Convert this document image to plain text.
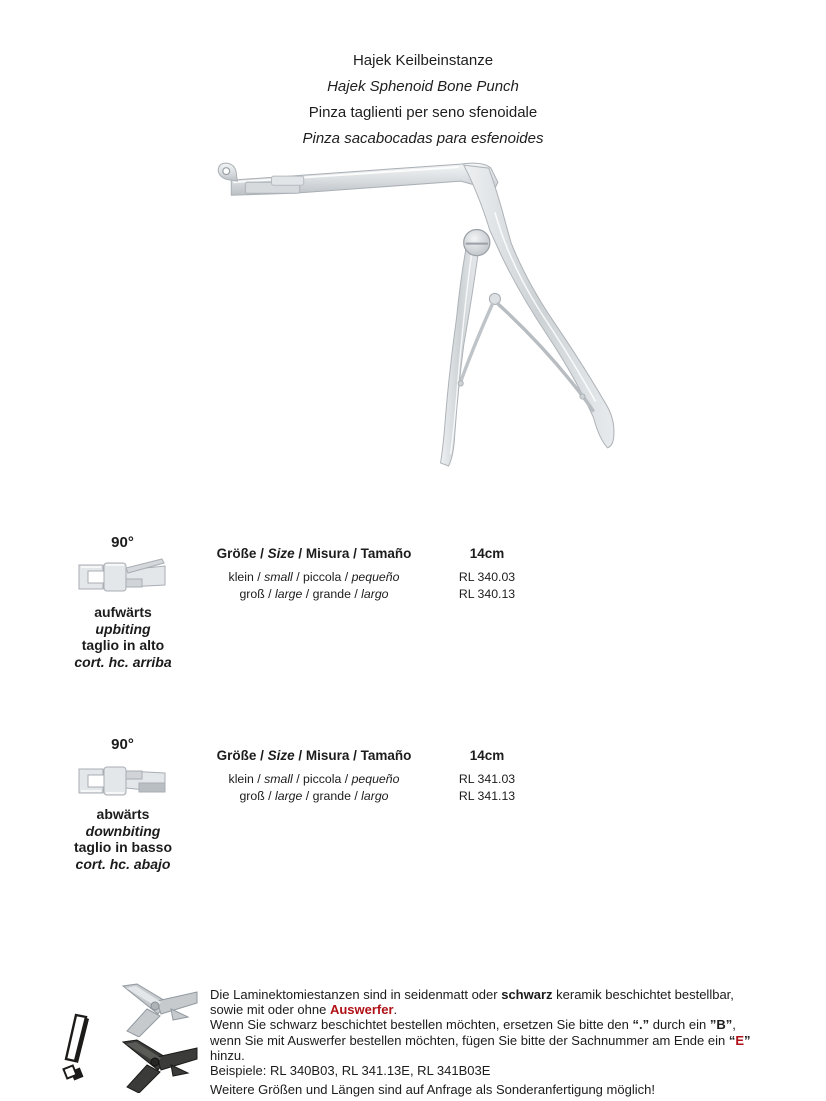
Hajek Keilbeinstanze
Hajek Sphenoid Bone Punch
Pinza taglienti per seno sfenoidale
Pinza sacabocadas para esfenoides
90°
aufwärts
upbiting
taglio in alto
cort. hc. arriba
Größe / Size / Misura / Tamaño
klein / small / piccola / pequeño
groß / large / grande / largo
14cm
RL 340.03
RL 340.13
90°
abwärts
downbiting
taglio in basso
cort. hc. abajo
Größe / Size / Misura / Tamaño
klein / small / piccola / pequeño
groß / large / grande / largo
14cm
RL 341.03
RL 341.13
Die Laminektomiestanzen sind in seidenmatt oder schwarz keramik beschichtet bestellbar,
sowie mit oder ohne Auswerfer.
Wenn Sie schwarz beschichtet bestellen möchten, ersetzen Sie bitte den “.” durch ein ”B”,
wenn Sie mit Auswerfer bestellen möchten, fügen Sie bitte der Sachnummer am Ende ein “E”
hinzu.
Beispiele: RL 340B03, RL 341.13E, RL 341B03E
Weitere Größen und Längen sind auf Anfrage als Sonderanfertigung möglich!
